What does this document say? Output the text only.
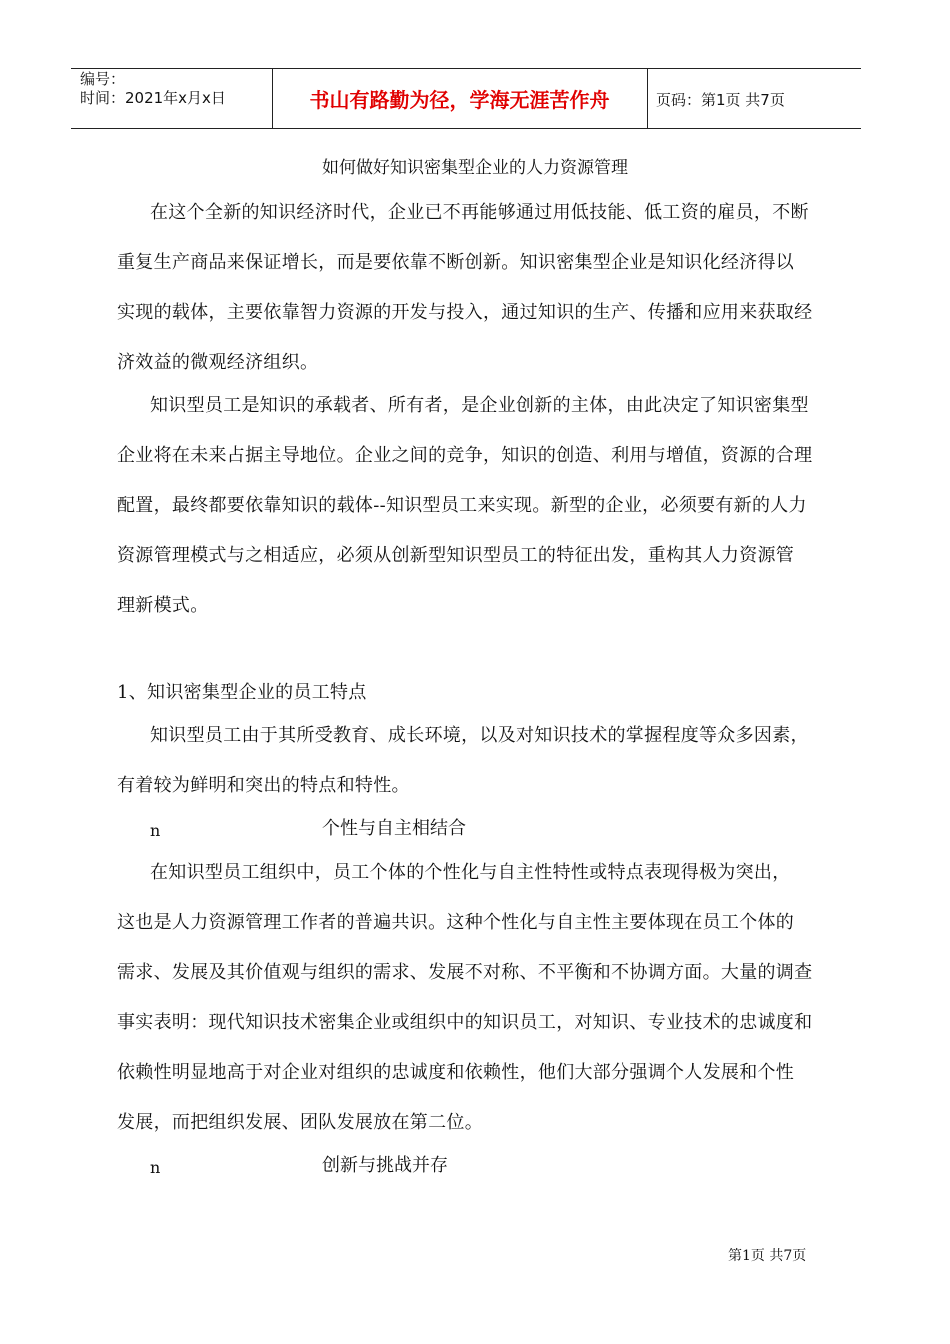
编号：
时间：2021年x月x日	书山有路勤为径，学海无涯苦作舟	页码：第1页 共7页
如何做好知识密集型企业的人力资源管理
在这个全新的知识经济时代，企业已不再能够通过用低技能、低工资的雇员，不断
重复生产商品来保证增长，而是要依靠不断创新。知识密集型企业是知识化经济得以
实现的载体，主要依靠智力资源的开发与投入，通过知识的生产、传播和应用来获取经
济效益的微观经济组织。
知识型员工是知识的承载者、所有者，是企业创新的主体，由此决定了知识密集型
企业将在未来占据主导地位。企业之间的竞争，知识的创造、利用与增值，资源的合理
配置，最终都要依靠知识的载体--知识型员工来实现。新型的企业，必须要有新的人力
资源管理模式与之相适应，必须从创新型知识型员工的特征出发，重构其人力资源管
理新模式。
1、知识密集型企业的员工特点
知识型员工由于其所受教育、成长环境，以及对知识技术的掌握程度等众多因素，
有着较为鲜明和突出的特点和特性。
n	个性与自主相结合
在知识型员工组织中，员工个体的个性化与自主性特性或特点表现得极为突出，
这也是人力资源管理工作者的普遍共识。这种个性化与自主性主要体现在员工个体的
需求、发展及其价值观与组织的需求、发展不对称、不平衡和不协调方面。大量的调查
事实表明：现代知识技术密集企业或组织中的知识员工，对知识、专业技术的忠诚度和
依赖性明显地高于对企业对组织的忠诚度和依赖性，他们大部分强调个人发展和个性
发展，而把组织发展、团队发展放在第二位。
n	创新与挑战并存
第1页 共7页
